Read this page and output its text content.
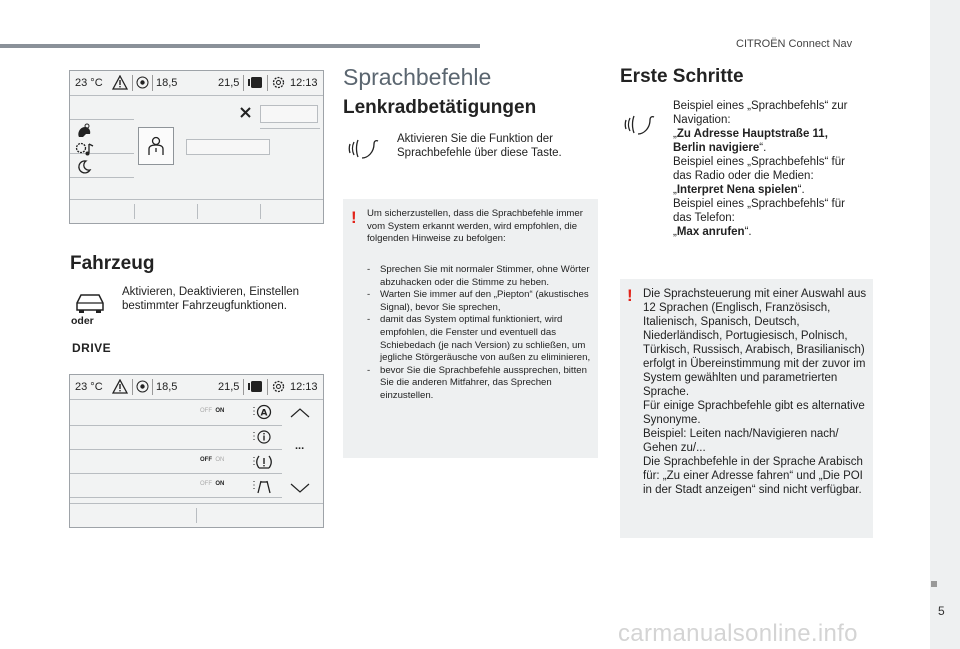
CITROËN Connect Nav
5
carmanualsonline.info
23 °C	18,5	21,5	12:13
Fahrzeug
oder
Aktivieren, Deaktivieren, Einstellen bestimmter Fahrzeugfunktionen.
DRIVE
23 °C	18,5	21,5	12:13
OFF ON ⋮ A
⋮
...
OFF ON ⋮
OFF ON ⋮
Sprachbefehle
Lenkradbetätigungen
Aktivieren Sie die Funktion der Sprachbefehle über diese Taste.
! Um sicherzustellen, dass die Sprachbefehle immer vom System erkannt werden, wird empfohlen, die folgenden Hinweise zu befolgen:
- Sprechen Sie mit normaler Stimmer, ohne Wörter abzuhacken oder die Stimme zu heben.
- Warten Sie immer auf den „Piepton“ (akustisches Signal), bevor Sie sprechen,
- damit das System optimal funktioniert, wird empfohlen, die Fenster und eventuell das Schiebedach (je nach Version) zu schließen, um jegliche Störgeräusche von außen zu eliminieren,
- bevor Sie die Sprachbefehle aussprechen, bitten Sie die anderen Mitfahrer, das Sprechen einzustellen.
Erste Schritte
Beispiel eines „Sprachbefehls“ zur Navigation:
„Zu Adresse Hauptstraße 11, Berlin navigiere“.
Beispiel eines „Sprachbefehls“ für das Radio oder die Medien:
„Interpret Nena spielen“.
Beispiel eines „Sprachbefehls“ für das Telefon:
„Max anrufen“.
! Die Sprachsteuerung mit einer Auswahl aus 12 Sprachen (Englisch, Französisch, Italienisch, Spanisch, Deutsch, Niederländisch, Portugiesisch, Polnisch, Türkisch, Russisch, Arabisch, Brasilianisch) erfolgt in Übereinstimmung mit der zuvor im System gewählten und parametrierten Sprache.
Für einige Sprachbefehle gibt es alternative Synonyme.
Beispiel: Leiten nach/Navigieren nach/ Gehen zu/...
Die Sprachbefehle in der Sprache Arabisch für: „Zu einer Adresse fahren“ und „Die POI in der Stadt anzeigen“ sind nicht verfügbar.
